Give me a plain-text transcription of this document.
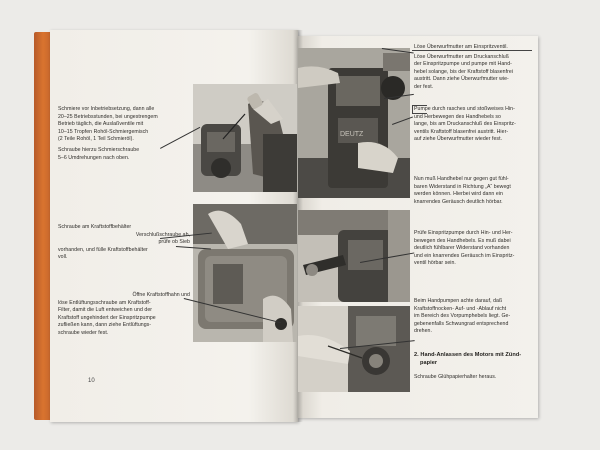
DEUTZ

Schmiere vor Inbetriebsetzung, dann alle

20–25 Betriebsstunden, bei ungestrengem

Betrieb täglich, die Auslaßventile mit

10–15 Tropfen Rohöl-Schmiergemisch

(2 Teile Rohöl, 1 Teil Schmieröl).

Schraube hierzu Schmierschraube

5–6 Umdrehungen nach oben.

Schraube am Kraftstoffbehälter

Verschlußschraube ab,

prüfe ob Sieb

vorhanden, und fülle Kraftstoffbehälter

voll.

Öffne Kraftstoffhahn und

löse Entlüftungsschraube am Kraftstoff-

Filter, damit die Luft entweichen und der

Kraftstoff ungehindert der Einspritzpumpe

zufließen kann, dann ziehe Entlüftungs-

schraube wieder fest.

10

Löse Überwurfmutter am Einspritzventil.

Löse Überwurfmutter am Druckanschluß

der Einspritzpumpe und pumpe mit Hand-

hebel solange, bis der Kraftstoff blasenfrei

austritt. Dann ziehe Überwurfmutter wie-

der fest.

Pumpe durch rasches und stoßweises Hin-

und Herbewegen des Handhebels so

lange, bis am Druckanschluß des Einspritz-

ventils Kraftstoff blasenfrei austritt. Hier-

auf ziehe Überwurfmutter wieder fest.

Nun muß Handhebel nur gegen gut fühl-

baren Widerstand in Richtung „A“ bewegt

werden können. Hierbei wird dann ein

knarrendes Geräusch deutlich hörbar.

Prüfe Einspritzpumpe durch Hin- und Her-

bewegen des Handhebels. Es muß dabei

deutlich fühlbarer Widerstand vorhanden

und ein knarrendes Geräusch im Einspritz-

ventil hörbar sein.

Beim Handpumpen achte darauf, daß

Kraftstoffnocken- Auf- und -Ablauf nicht

im Bereich des Vorpumphebels liegt. Ge-

gebenenfalls Schwungrad entsprechend

drehen.

2. Hand-Anlassen des Motors mit Zünd-

papier

Schraube Glühpapierhalter heraus.
